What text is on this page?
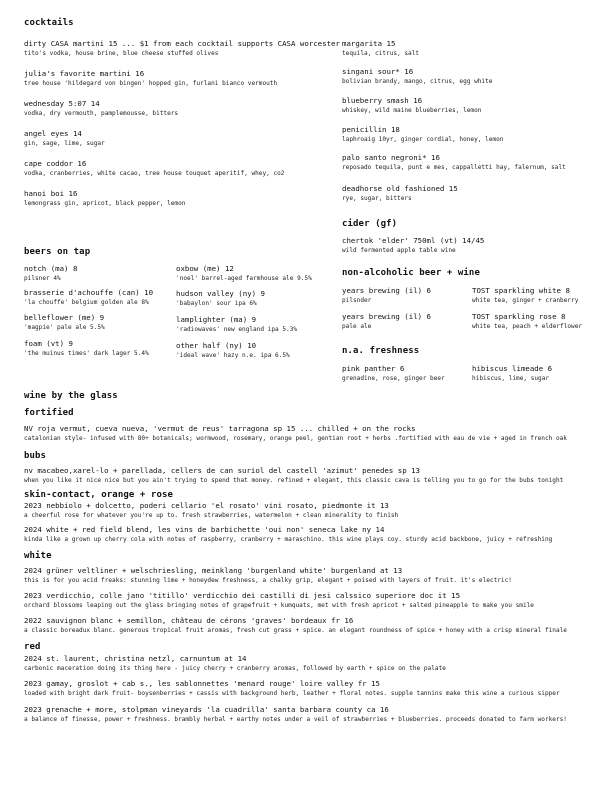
cocktails
dirty CASA martini 15 ... $1 from each cocktail supports CASA worcester
tito's vodka, house brine, blue cheese stuffed olives
julia's favorite martini 16
tree house 'hildegard von bingen' hopped gin, furlani bianco vermouth
wednesday 5:07 14
vodka, dry vermouth, pamplemousse, bitters
angel eyes 14
gin, sage, lime, sugar
cape coddor 16
vodka, cranberries, white cacao, tree house touquet aperitif, whey, co2
hanoi boi 16
lemongrass gin, apricot, black pepper, lemon
margarita 15
tequila, citrus, salt
singani sour* 16
bolivian brandy, mango, citrus, egg white
blueberry smash 16
whiskey, wild maine blueberries, lemon
penicillin 18
laphroaig 10yr, ginger cordial, honey, lemon
palo santo negroni* 16
reposado tequila, punt e mes, cappalletti hay, falernum, salt
deadhorse old fashioned 15
rye, sugar, bitters
cider (gf)
chertok 'elder' 750ml (vt) 14/45
wild fermented apple table wine
beers on tap
notch (ma) 8
pilsner 4%
brasserie d'achouffe (can) 10
'la chouffe' belgium golden ale 8%
belleflower (me) 9
'magpie' pale ale 5.5%
foam (vt) 9
'the muinus times' dark lager 5.4%
oxbow (me) 12
'noel' barrel-aged farmhouse ale 9.5%
hudson valley (ny) 9
'babaylon' sour ipa 6%
lamplighter (ma) 9
'radiowaves' new england ipa 5.3%
other half (ny) 10
'ideal wave' hazy n.e. ipa 6.5%
non-alcoholic beer + wine
years brewing (il) 6
pilsnder
TOST sparkling white 8
white tea, ginger + cranberry
years brewing (il) 6
pale ale
TOST sparkling rose 8
white tea, peach + elderflower
n.a. freshness
pink panther 6
grenadine, rose, ginger beer
hibiscus limeade 6
hibiscus, lime, sugar
wine by the glass
fortified
NV roja vermut, cueva nueva, 'vermut de reus' tarragona sp 15 ... chilled + on the rocks
catalonian style- infused with 80+ botanicals; wormwood, rosemary, orange peel, gentian root + herbs .fortified with eau de vie + aged in french oak
bubs
nv macabeo,xarel-lo + parellada, cellers de can suriol del castell 'azimut' penedes sp 13
when you like it nice nice but you ain't trying to spend that money. refined + elegant, this classic cava is telling you to go for the bubs tonight
skin-contact, orange + rose
2023 nebbiolo + dolcetto, poderi cellario 'el rosato' vini rosato, piedmonte it 13
a cheerful rose for whatever you're up to. fresh strawberries, watermelon + clean minerality to finish
2024 white + red field blend, les vins de barbichette 'oui non' seneca lake ny 14
kinda like a grown up cherry cola with notes of raspberry, cranberry + maraschino. this wine plays coy. sturdy acid backbone, juicy + refreshing
white
2024 grüner veltliner + welschriesling, meinklang 'burgenland white' burgenland at 13
this is for you acid freaks: stunning lime + honeydew freshness, a chalky grip, elegant + poised with layers of fruit. it's electric!
2023 verdicchio, colle jano 'titillo' verdicchio dei castilli di jesi calssico superiore doc it 15
orchard blossoms leaping out the glass bringing notes of grapefruit + kumquats, met with fresh apricot + salted pineapple to make you smile
2022 sauvignon blanc + semillon, château de cérons 'graves' bordeaux fr 16
a classic boreadux blanc. generous tropical fruit aromas, fresh cut grass + spice. an elegant roundness of spice + honey with a crisp mineral finale
red
2024 st. laurent, christina netzl, carnuntum at 14
carbonic maceration doing its thing here - juicy cherry + cranberry aromas, followed by earth + spice on the palate
2023 gamay, groslot + cab s., les sablonnettes 'menard rouge' loire valley fr 15
loaded with bright dark fruit- boysenberries + cassis with background herb, leather + floral notes. supple tannins make this wine a curious sipper
2023 grenache + more, stolpman vineyards 'la cuadrilla' santa barbara county ca 16
a balance of finesse, power + freshness. brambly herbal + earthy notes under a veil of strawberries + blueberries. proceeds donated to farm workers!
